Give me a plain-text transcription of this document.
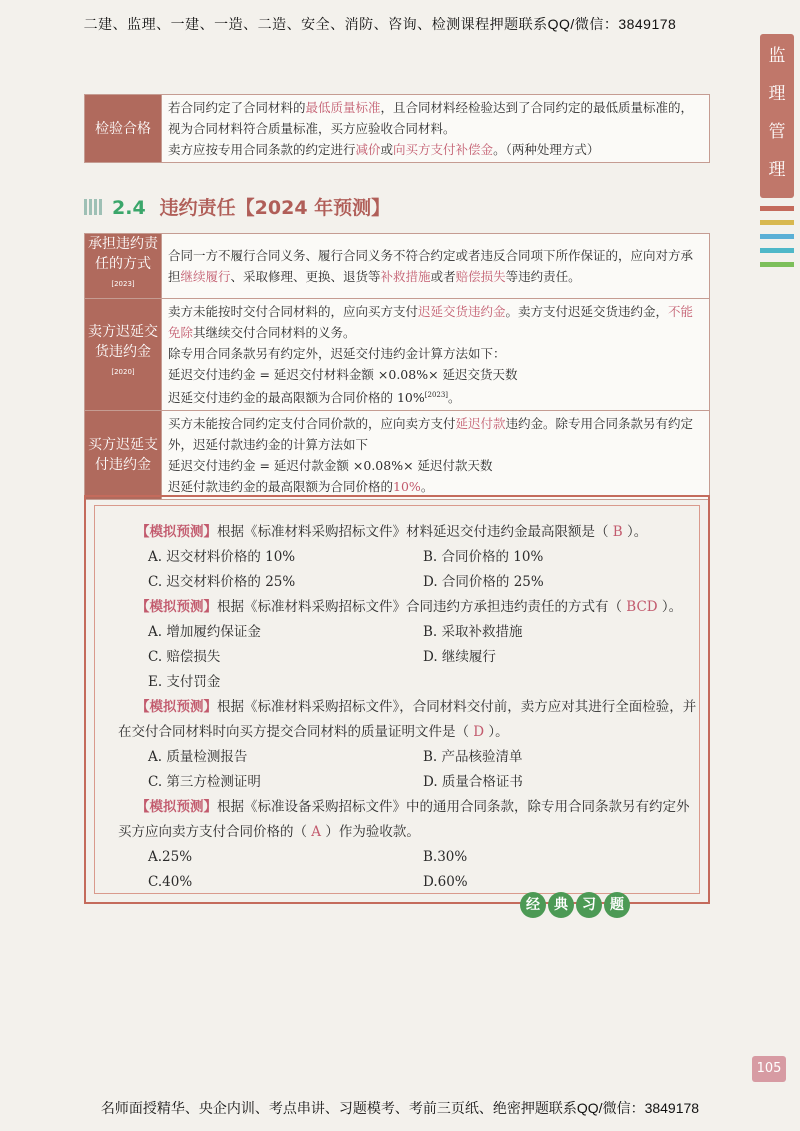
二建、监理、一建、一造、二造、安全、消防、咨询、检测课程押题联系QQ/微信：3849178
监
理
管
理
检验合格	若合同约定了合同材料的最低质量标准，且合同材料经检验达到了合同约定的最低质量标准的，视为合同材料符合质量标准，买方应验收合同材料。
卖方应按专用合同条款的约定进行减价或向买方支付补偿金。（两种处理方式）
2.4 违约责任【2024 年预测】
承担违约责任的方式[2023]	合同一方不履行合同义务、履行合同义务不符合约定或者违反合同项下所作保证的，应向对方承担继续履行、采取修理、更换、退货等补救措施或者赔偿损失等违约责任。
卖方迟延交货违约金[2020]	卖方未能按时交付合同材料的，应向买方支付迟延交货违约金。卖方支付迟延交货违约金，不能免除其继续交付合同材料的义务。
除专用合同条款另有约定外，迟延交付违约金计算方法如下：
延迟交付违约金 = 延迟交付材料金额 ×0.08%× 延迟交货天数
迟延交付违约金的最高限额为合同价格的 10%[2023]。
买方迟延支付违约金	买方未能按合同约定支付合同价款的，应向卖方支付延迟付款违约金。除专用合同条款另有约定外，迟延付款违约金的计算方法如下
延迟交付违约金 = 延迟付款金额 ×0.08%× 延迟付款天数
迟延付款违约金的最高限额为合同价格的10%。
【模拟预测】根据《标准材料采购招标文件》材料延迟交付违约金最高限额是（ B ）。
A. 迟交材料价格的 10%	B. 合同价格的 10%
C. 迟交材料价格的 25%	D. 合同价格的 25%
【模拟预测】根据《标准材料采购招标文件》合同违约方承担违约责任的方式有（ BCD ）。
A. 增加履约保证金	B. 采取补救措施
C. 赔偿损失	D. 继续履行
E. 支付罚金
【模拟预测】根据《标准材料采购招标文件》，合同材料交付前，卖方应对其进行全面检验，并在交付合同材料时向买方提交合同材料的质量证明文件是（ D ）。
A. 质量检测报告	B. 产品核验清单
C. 第三方检测证明	D. 质量合格证书
【模拟预测】根据《标准设备采购招标文件》中的通用合同条款，除专用合同条款另有约定外买方应向卖方支付合同价格的（ A ）作为验收款。
A.25%	B.30%
C.40%	D.60%
经 典 习 题
105
名师面授精华、央企内训、考点串讲、习题模考、考前三页纸、绝密押题联系QQ/微信：3849178
